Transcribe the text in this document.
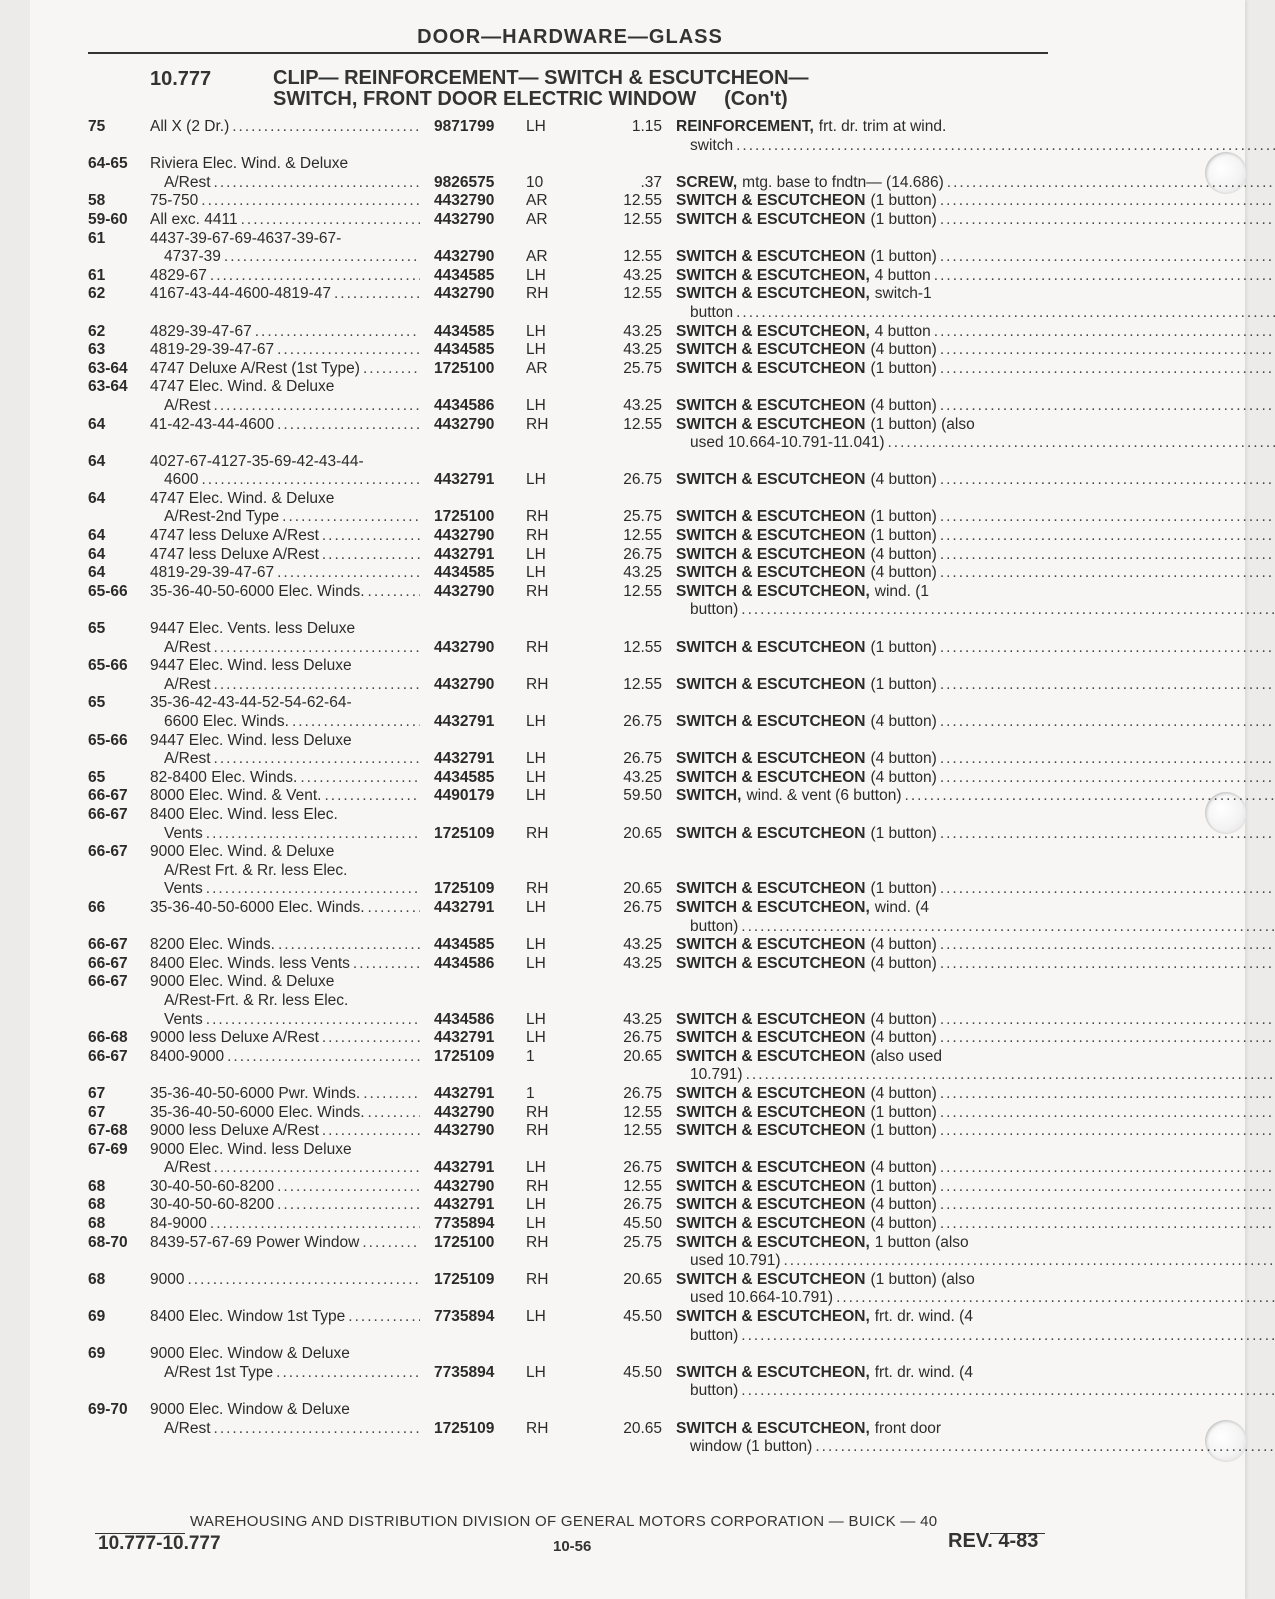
DOOR—HARDWARE—GLASS
10.777	CLIP— REINFORCEMENT— SWITCH & ESCUTCHEON—
SWITCH, FRONT DOOR ELECTRIC WINDOW     (Con't)
75	All X (2 Dr.) .....
	9871799	LH	1.15 REINFORCEMENT, frt. dr. trim at wind.
switch
.....
64-65	Riviera Elec. Wind. & Deluxe
A/Rest .....	9826575	10	.37 SCREW, mtg. base to fndtn— (14.686)
.....
58	75-750 .....	4432790	AR	12.55 SWITCH & ESCUTCHEON (1 button)
.....
59-60	All exc. 4411 .....	4432790	AR	12.55 SWITCH & ESCUTCHEON (1 button)
.....
61	4437-39-67-69-4637-39-67-
4737-39 .....	4432790	AR	12.55 SWITCH & ESCUTCHEON (1 button)
.....
61	4829-67 .....	4434585	LH	43.25 SWITCH & ESCUTCHEON, 4 button
.....
62	4167-43-44-4600-4819-47 .....
	4432790	RH	12.55 SWITCH & ESCUTCHEON, switch-1
button
.....
62	4829-39-47-67 .....	4434585	LH	43.25 SWITCH & ESCUTCHEON, 4 button
.....
63	4819-29-39-47-67 .....	4434585	LH	43.25 SWITCH & ESCUTCHEON (4 button)
.....
63-64	4747 Deluxe A/Rest (1st Type) .....	1725100	AR	25.75 SWITCH & ESCUTCHEON (1 button)
.....
63-64	4747 Elec. Wind. & Deluxe
A/Rest .....	4434586	LH	43.25 SWITCH & ESCUTCHEON (4 button)
.....
64	41-42-43-44-4600 .....
	4432790	RH	12.55 SWITCH & ESCUTCHEON (1 button) (also
used 10.664-10.791-11.041)
.....
64	4027-67-4127-35-69-42-43-44-
4600 .....	4432791	LH	26.75 SWITCH & ESCUTCHEON (4 button)
.....
64	4747 Elec. Wind. & Deluxe
A/Rest-2nd Type .....	1725100	RH	25.75 SWITCH & ESCUTCHEON (1 button)
.....
64	4747 less Deluxe A/Rest .....	4432790	RH	12.55 SWITCH & ESCUTCHEON (1 button)
.....
64	4747 less Deluxe A/Rest .....	4432791	LH	26.75 SWITCH & ESCUTCHEON (4 button)
.....
64	4819-29-39-47-67 .....	4434585	LH	43.25 SWITCH & ESCUTCHEON (4 button)
.....
65-66	35-36-40-50-6000 Elec. Winds. .....
	4432790	RH	12.55 SWITCH & ESCUTCHEON, wind. (1
button)
.....
65	9447 Elec. Vents. less Deluxe
A/Rest .....	4432790	RH	12.55 SWITCH & ESCUTCHEON (1 button)
.....
65-66	9447 Elec. Wind. less Deluxe
A/Rest .....	4432790	RH	12.55 SWITCH & ESCUTCHEON (1 button)
.....
65	35-36-42-43-44-52-54-62-64-
6600 Elec. Winds. .....	4432791	LH	26.75 SWITCH & ESCUTCHEON (4 button)
.....
65-66	9447 Elec. Wind. less Deluxe
A/Rest .....	4432791	LH	26.75 SWITCH & ESCUTCHEON (4 button)
.....
65	82-8400 Elec. Winds. .....	4434585	LH	43.25 SWITCH & ESCUTCHEON (4 button)
.....
66-67	8000 Elec. Wind. & Vent. .....	4490179	LH	59.50 SWITCH, wind. & vent (6 button)
.....
66-67	8400 Elec. Wind. less Elec.
Vents .....	1725109	RH	20.65 SWITCH & ESCUTCHEON (1 button)
.....
66-67	9000 Elec. Wind. & Deluxe
A/Rest Frt. & Rr. less Elec.
Vents .....	1725109	RH	20.65 SWITCH & ESCUTCHEON (1 button)
.....
66	35-36-40-50-6000 Elec. Winds. .....
	4432791	LH	26.75 SWITCH & ESCUTCHEON, wind. (4
button)
.....
66-67	8200 Elec. Winds. .....	4434585	LH	43.25 SWITCH & ESCUTCHEON (4 button)
.....
66-67	8400 Elec. Winds. less Vents .....	4434586	LH	43.25 SWITCH & ESCUTCHEON (4 button)
.....
66-67	9000 Elec. Wind. & Deluxe
A/Rest-Frt. & Rr. less Elec.
Vents .....	4434586	LH	43.25 SWITCH & ESCUTCHEON (4 button)
.....
66-68	9000 less Deluxe A/Rest .....	4432791	LH	26.75 SWITCH & ESCUTCHEON (4 button)
.....
66-67	8400-9000 .....
	1725109	1	20.65 SWITCH & ESCUTCHEON (also used
10.791)
.....
67	35-36-40-50-6000 Pwr. Winds. .....	4432791	1	26.75 SWITCH & ESCUTCHEON (4 button)
.....
67	35-36-40-50-6000 Elec. Winds. .....	4432790	RH	12.55 SWITCH & ESCUTCHEON (1 button)
.....
67-68	9000 less Deluxe A/Rest .....	4432790	RH	12.55 SWITCH & ESCUTCHEON (1 button)
.....
67-69	9000 Elec. Wind. less Deluxe
A/Rest .....	4432791	LH	26.75 SWITCH & ESCUTCHEON (4 button)
.....
68	30-40-50-60-8200 .....	4432790	RH	12.55 SWITCH & ESCUTCHEON (1 button)
.....
68	30-40-50-60-8200 .....	4432791	LH	26.75 SWITCH & ESCUTCHEON (4 button)
.....
68	84-9000 .....	7735894	LH	45.50 SWITCH & ESCUTCHEON (4 button)
.....
68-70	8439-57-67-69 Power Window .....
	1725100	RH	25.75 SWITCH & ESCUTCHEON, 1 button (also
used 10.791)
.....
68	9000 .....
	1725109	RH	20.65 SWITCH & ESCUTCHEON (1 button) (also
used 10.664-10.791)
.....
69	8400 Elec. Window 1st Type .....
	7735894	LH	45.50 SWITCH & ESCUTCHEON, frt. dr. wind. (4
button)
.....
69	9000 Elec. Window & Deluxe
A/Rest 1st Type .....	7735894	LH	45.50 SWITCH & ESCUTCHEON, frt. dr. wind. (4
button)
.....
69-70	9000 Elec. Window & Deluxe
A/Rest .....	1725109	RH	20.65 SWITCH & ESCUTCHEON, front door
window (1 button)
.....
WAREHOUSING AND DISTRIBUTION DIVISION OF GENERAL MOTORS CORPORATION — BUICK — 40
10.777-10.777	10-56	REV. 4-83
